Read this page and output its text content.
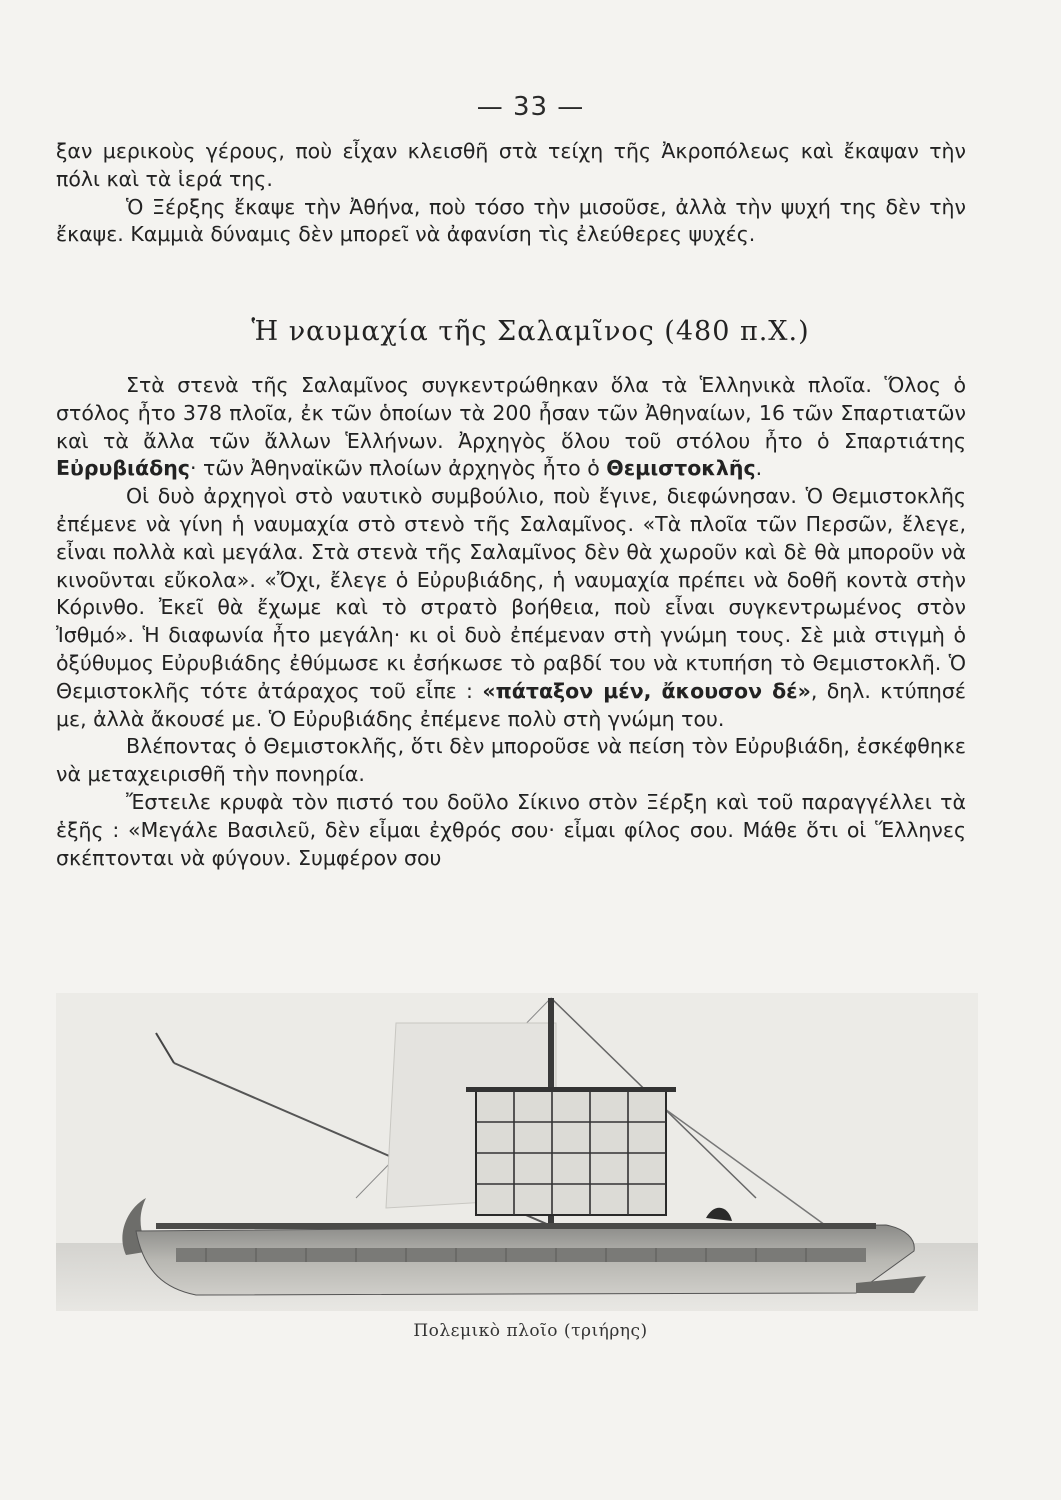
— 33 —

ξαν μερικοὺς γέρους, ποὺ εἶχαν κλεισθῆ στὰ τείχη τῆς Ἀκροπόλεως καὶ ἔκαψαν τὴν πόλι καὶ τὰ ἱερά της.

Ὁ Ξέρξης ἔκαψε τὴν Ἀθήνα, ποὺ τόσο τὴν μισοῦσε, ἀλλὰ τὴν ψυχή της δὲν τὴν ἔκαψε. Καμμιὰ δύναμις δὲν μπορεῖ νὰ ἀφανίση τὶς ἐλεύθερες ψυχές.

Ἡ ναυμαχία τῆς Σαλαμῖνος (480 π.Χ.)

Στὰ στενὰ τῆς Σαλαμῖνος συγκεντρώθηκαν ὅλα τὰ Ἑλληνικὰ πλοῖα. Ὅλος ὁ στόλος ἦτο 378 πλοῖα, ἐκ τῶν ὁποίων τὰ 200 ἦσαν τῶν Ἀθηναίων, 16 τῶν Σπαρτιατῶν καὶ τὰ ἄλλα τῶν ἄλλων Ἑλλήνων. Ἀρχηγὸς ὅλου τοῦ στόλου ἦτο ὁ Σπαρτιάτης Εὐρυβιάδης· τῶν Ἀθηναϊκῶν πλοίων ἀρχηγὸς ἦτο ὁ Θεμιστοκλῆς.

Οἱ δυὸ ἀρχηγοὶ στὸ ναυτικὸ συμβούλιο, ποὺ ἔγινε, διεφώνησαν. Ὁ Θεμιστοκλῆς ἐπέμενε νὰ γίνη ἡ ναυμαχία στὸ στενὸ τῆς Σαλαμῖνος. «Τὰ πλοῖα τῶν Περσῶν, ἔλεγε, εἶναι πολλὰ καὶ μεγάλα. Στὰ στενὰ τῆς Σαλαμῖνος δὲν θὰ χωροῦν καὶ δὲ θὰ μποροῦν νὰ κινοῦνται εὔκολα». «Ὄχι, ἔλεγε ὁ Εὐρυβιάδης, ἡ ναυμαχία πρέπει νὰ δοθῆ κοντὰ στὴν Κόρινθο. Ἐκεῖ θὰ ἔχωμε καὶ τὸ στρατὸ βοήθεια, ποὺ εἶναι συγκεντρωμένος στὸν Ἰσθμό». Ἡ διαφωνία ἦτο μεγάλη· κι οἱ δυὸ ἐπέμεναν στὴ γνώμη τους. Σὲ μιὰ στιγμὴ ὁ ὀξύθυμος Εὐρυβιάδης ἐθύμωσε κι ἐσήκωσε τὸ ραβδί του νὰ κτυπήση τὸ Θεμιστοκλῆ. Ὁ Θεμιστοκλῆς τότε ἀτάραχος τοῦ εἶπε : «πάταξον μέν, ἄκουσον δέ», δηλ. κτύπησέ με, ἀλλὰ ἄκουσέ με. Ὁ Εὐρυβιάδης ἐπέμενε πολὺ στὴ γνώμη του.

Βλέποντας ὁ Θεμιστοκλῆς, ὅτι δὲν μποροῦσε νὰ πείση τὸν Εὐρυβιάδη, ἐσκέφθηκε νὰ μεταχειρισθῆ τὴν πονηρία.

Ἔστειλε κρυφὰ τὸν πιστό του δοῦλο Σίκινο στὸν Ξέρξη καὶ τοῦ παραγγέλλει τὰ ἑξῆς : «Μεγάλε Βασιλεῦ, δὲν εἶμαι ἐχθρός σου· εἶμαι φίλος σου. Μάθε ὅτι οἱ Ἕλληνες σκέπτονται νὰ φύγουν. Συμφέρον σου

Πολεμικὸ πλοῖο (τριήρης)
